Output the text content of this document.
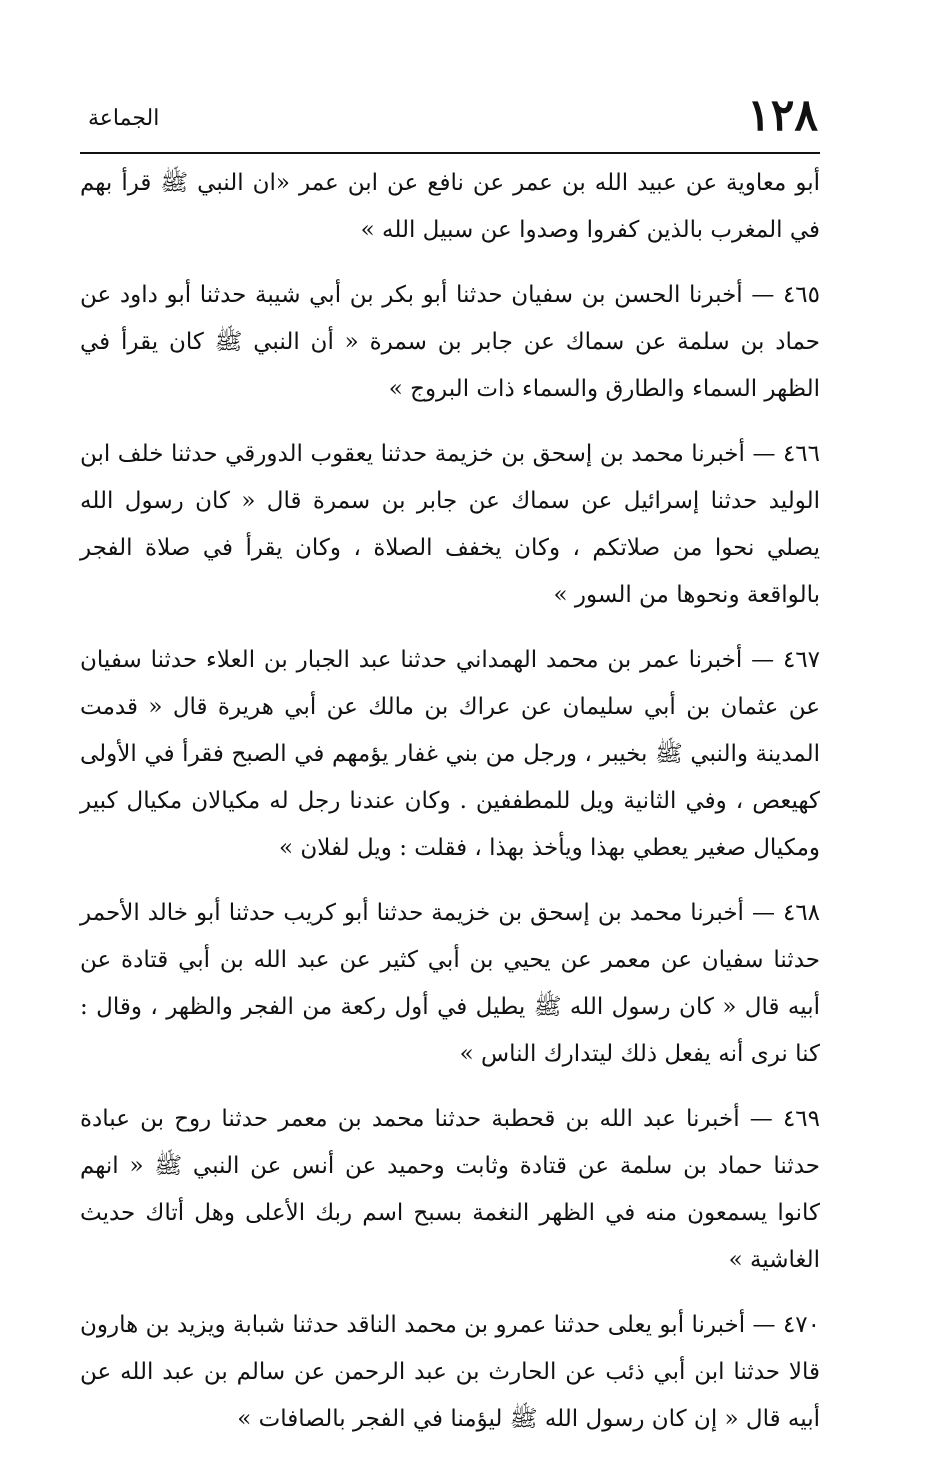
١٢٨
الجماعة

أبو معاوية عن عبيد الله بن عمر عن نافع عن ابن عمر «ان النبي ﷺ قرأ بهم في المغرب بالذين كفروا وصدوا عن سبيل الله »

٤٦٥ — أخبرنا الحسن بن سفيان حدثنا أبو بكر بن أبي شيبة حدثنا أبو داود عن حماد بن سلمة عن سماك عن جابر بن سمرة « أن النبي ﷺ كان يقرأ في الظهر السماء والطارق والسماء ذات البروج »

٤٦٦ — أخبرنا محمد بن إسحق بن خزيمة حدثنا يعقوب الدورقي حدثنا خلف ابن الوليد حدثنا إسرائيل عن سماك عن جابر بن سمرة قال « كان رسول الله يصلي نحوا من صلاتكم ، وكان يخفف الصلاة ، وكان يقرأ في صلاة الفجر بالواقعة ونحوها من السور »

٤٦٧ — أخبرنا عمر بن محمد الهمداني حدثنا عبد الجبار بن العلاء حدثنا سفيان عن عثمان بن أبي سليمان عن عراك بن مالك عن أبي هريرة قال « قدمت المدينة والنبي ﷺ بخيبر ، ورجل من بني غفار يؤمهم في الصبح فقرأ في الأولى كهيعص ، وفي الثانية ويل للمطففين . وكان عندنا رجل له مكيالان مكيال كبير ومكيال صغير يعطي بهذا ويأخذ بهذا ، فقلت : ويل لفلان »

٤٦٨ — أخبرنا محمد بن إسحق بن خزيمة حدثنا أبو كريب حدثنا أبو خالد الأحمر حدثنا سفيان عن معمر عن يحيي بن أبي كثير عن عبد الله بن أبي قتادة عن أبيه قال « كان رسول الله ﷺ يطيل في أول ركعة من الفجر والظهر ، وقال : كنا نرى أنه يفعل ذلك ليتدارك الناس »

٤٦٩ — أخبرنا عبد الله بن قحطبة حدثنا محمد بن معمر حدثنا روح بن عبادة حدثنا حماد بن سلمة عن قتادة وثابت وحميد عن أنس عن النبي ﷺ « انهم كانوا يسمعون منه في الظهر النغمة بسبح اسم ربك الأعلى وهل أتاك حديث الغاشية »

٤٧٠ — أخبرنا أبو يعلى حدثنا عمرو بن محمد الناقد حدثنا شبابة ويزيد بن هارون قالا حدثنا ابن أبي ذئب عن الحارث بن عبد الرحمن عن سالم بن عبد الله عن أبيه قال « إن كان رسول الله ﷺ ليؤمنا في الفجر بالصافات »
